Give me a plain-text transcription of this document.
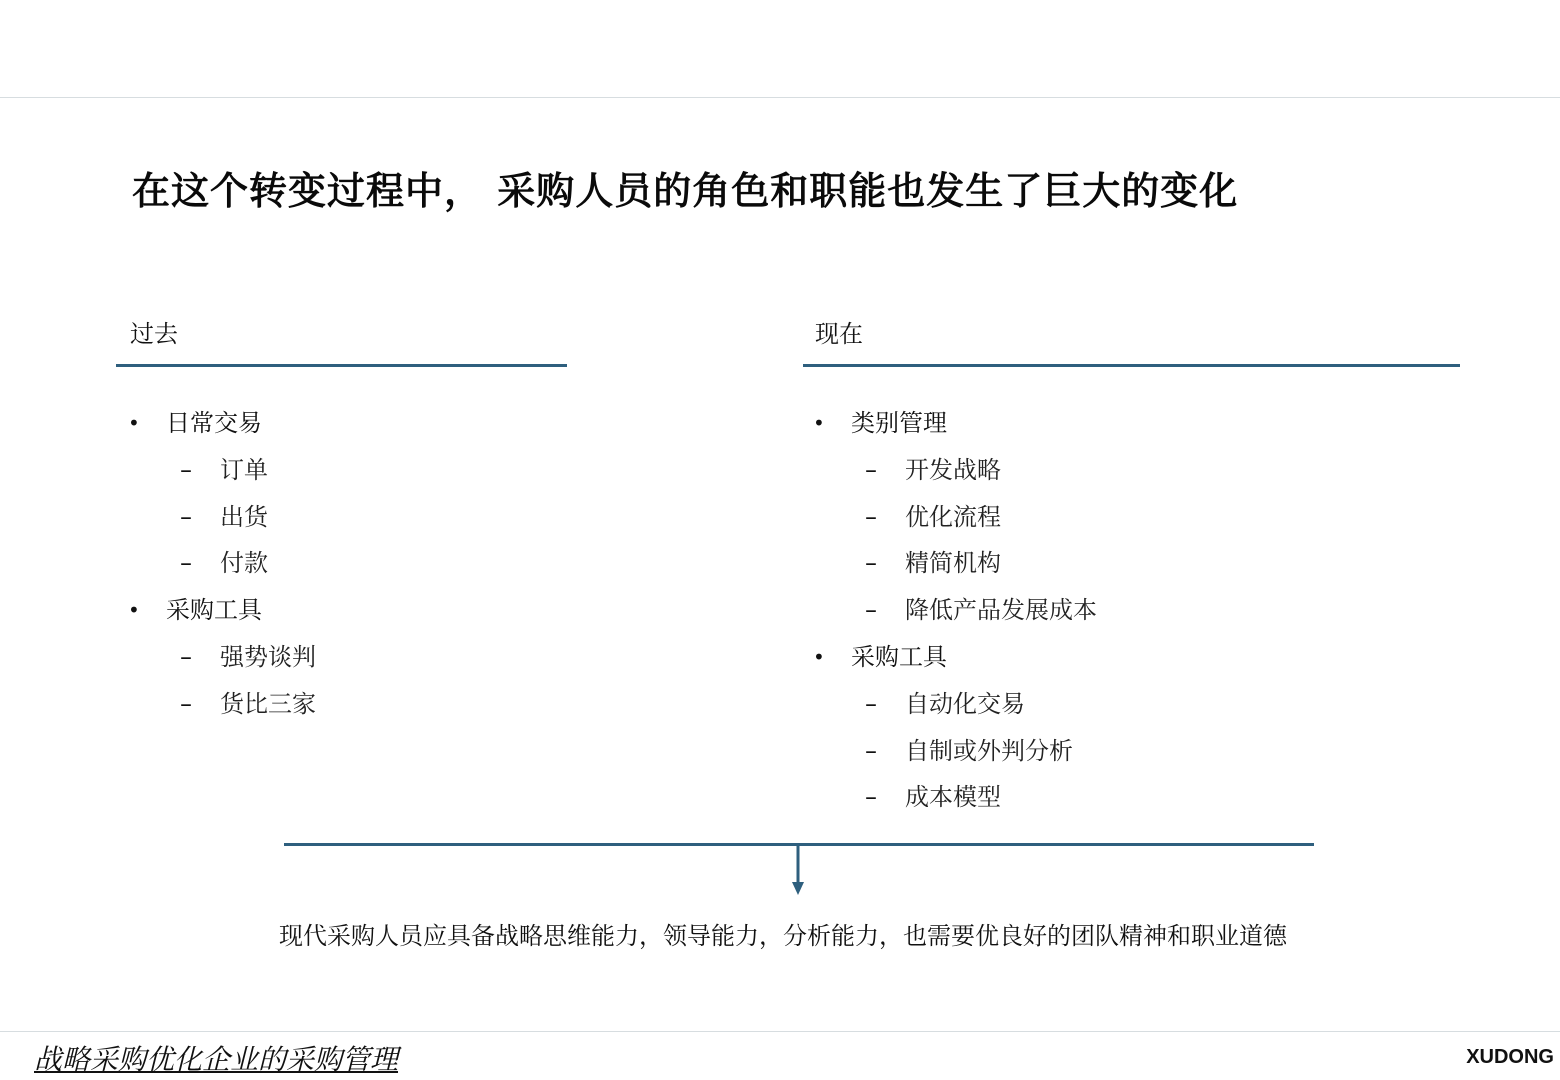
在这个转变过程中， 采购人员的角色和职能也发生了巨大的变化
过去
• 日常交易
– 订单
– 出货
– 付款
• 采购工具
– 强势谈判
– 货比三家
现在
• 类别管理
– 开发战略
– 优化流程
– 精简机构
– 降低产品发展成本
• 采购工具
– 自动化交易
– 自制或外判分析
– 成本模型
现代采购人员应具备战略思维能力，领导能力，分析能力，也需要优良好的团队精神和职业道德
战略采购优化企业的采购管理	XUDONG
